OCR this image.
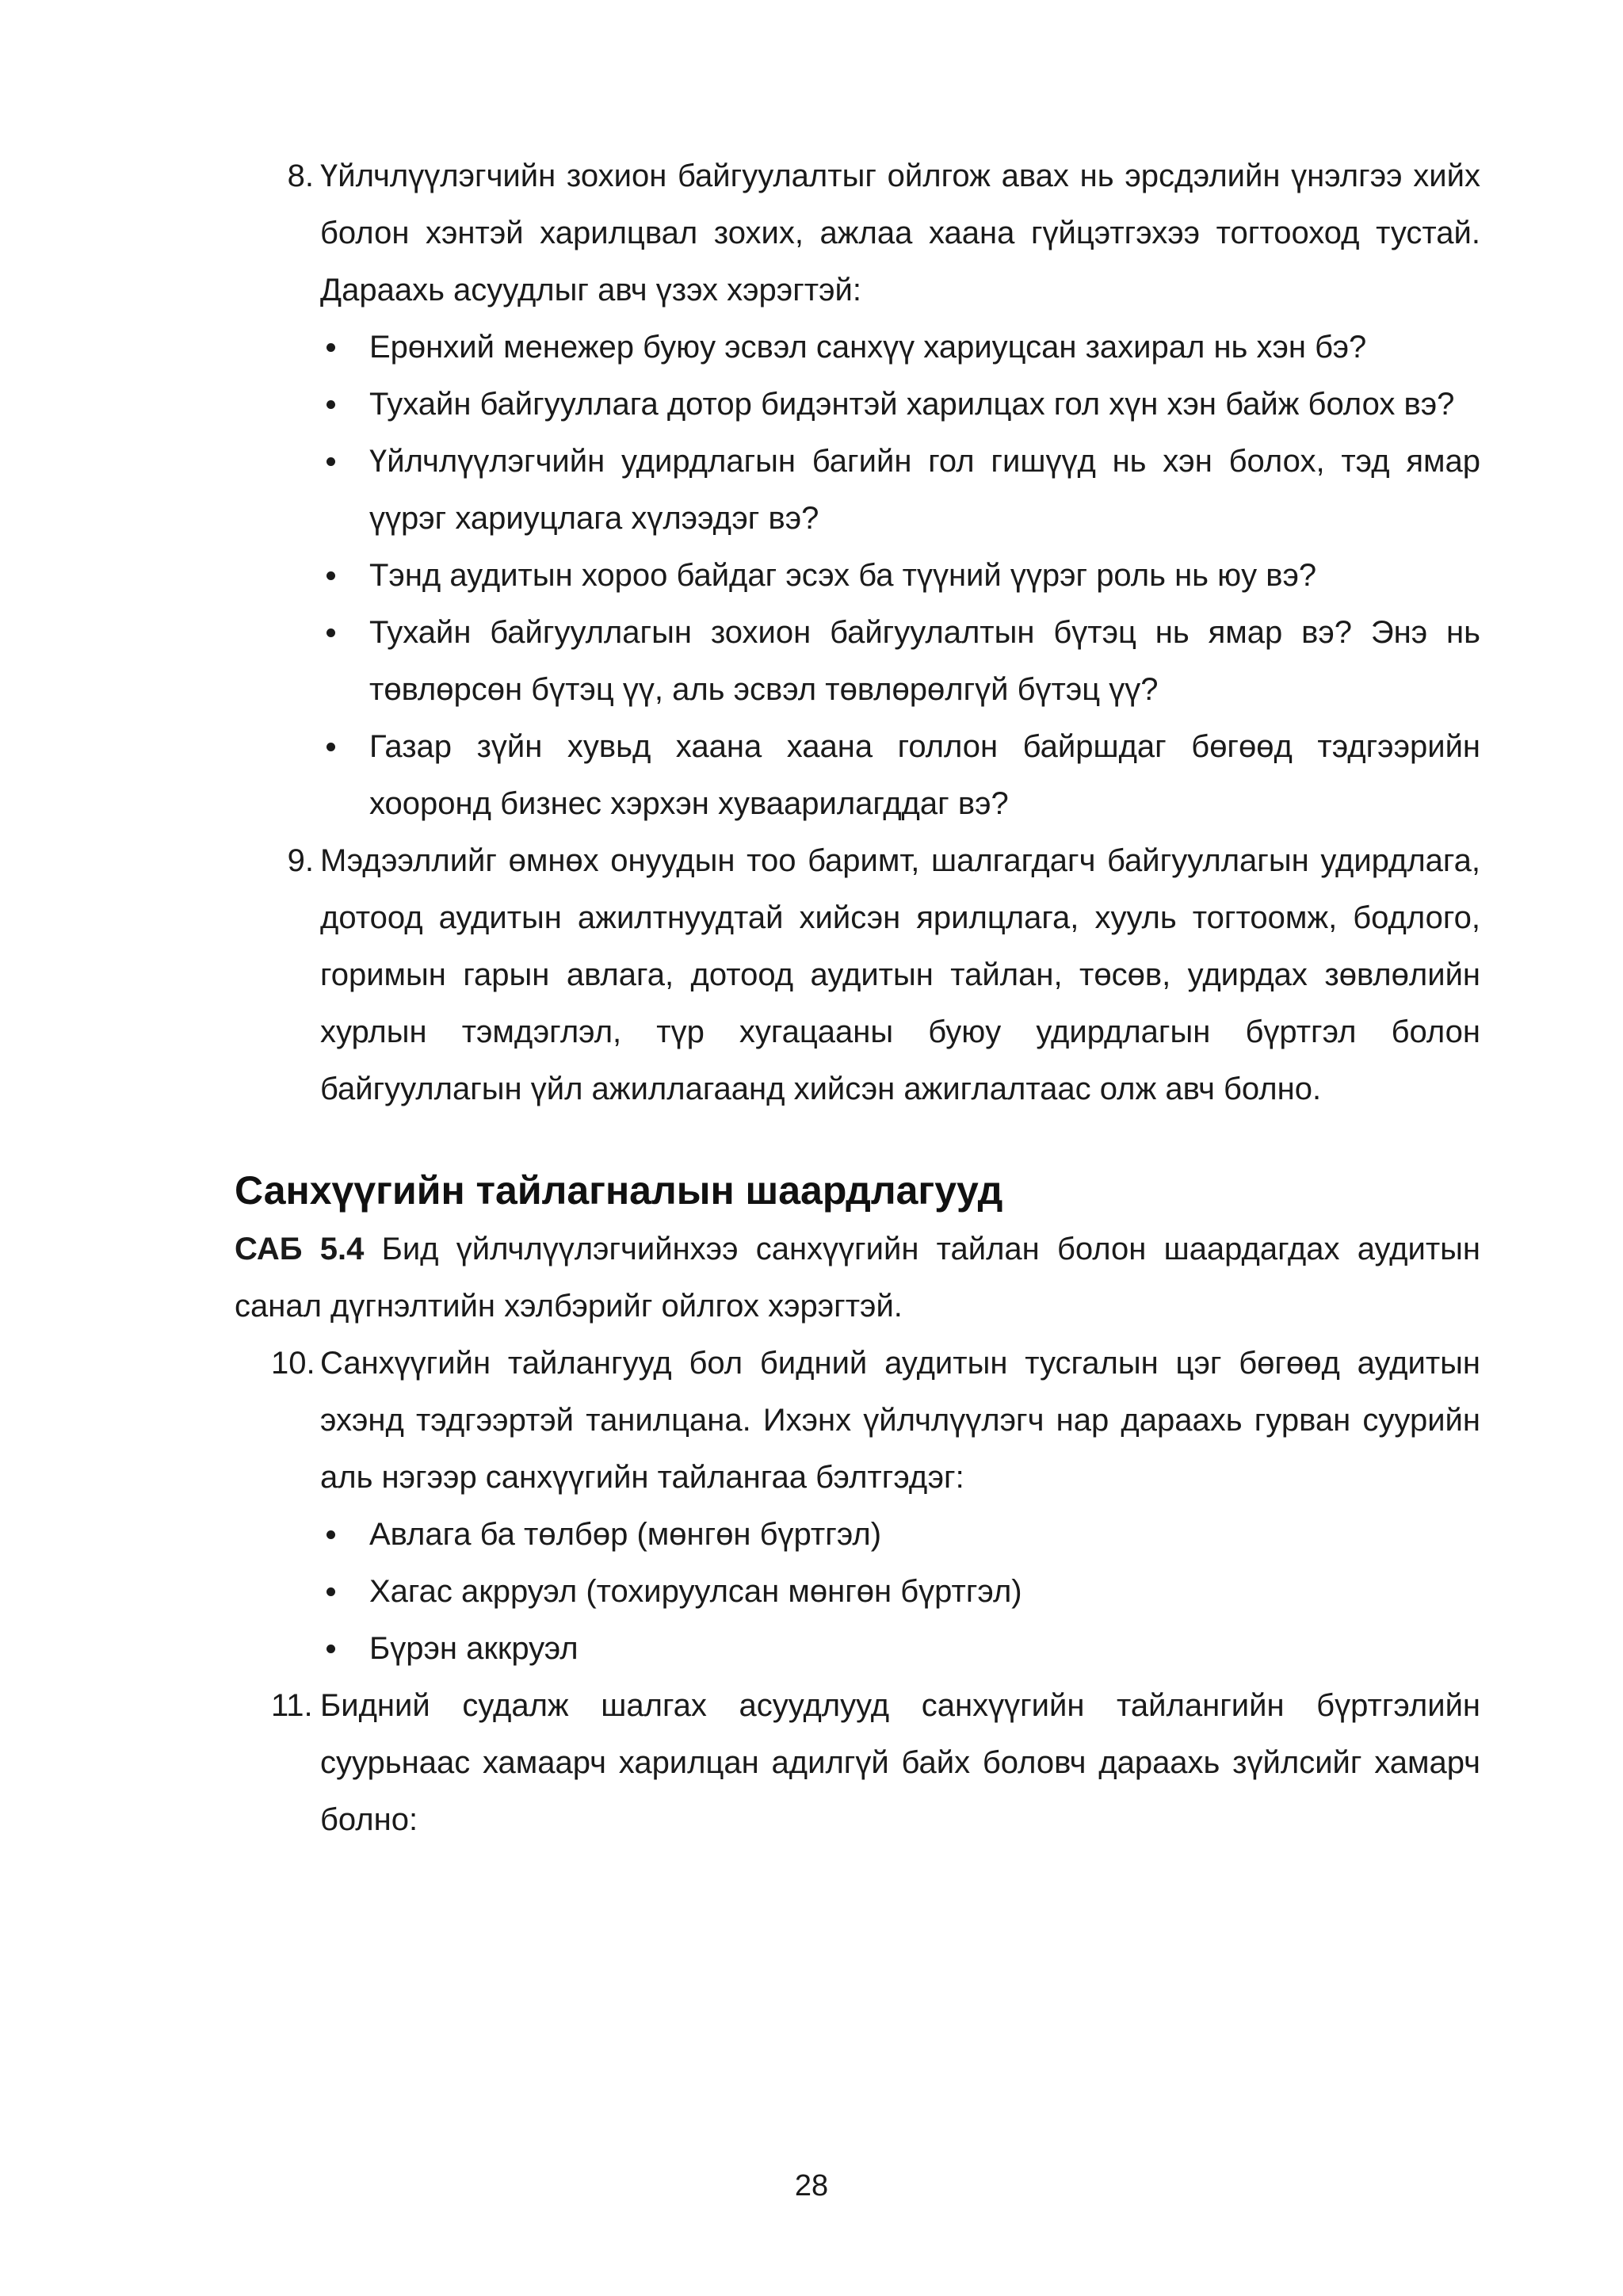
8. Үйлчлүүлэгчийн зохион байгуулалтыг ойлгож авах нь эрсдэлийн үнэлгээ хийх болон хэнтэй харилцвал зохих, ажлаа хаана гүйцэтгэхээ тогтооход тустай. Дараахь асуудлыг авч үзэх хэрэгтэй:

Ерөнхий менежер буюу эсвэл санхүү хариуцсан захирал нь хэн бэ?

Тухайн байгууллага дотор бидэнтэй харилцах гол хүн хэн байж болох вэ?

Үйлчлүүлэгчийн удирдлагын багийн гол гишүүд нь хэн болох, тэд ямар үүрэг хариуцлага хүлээдэг вэ?

Тэнд аудитын хороо байдаг эсэх ба түүний үүрэг роль нь юу вэ?

Тухайн байгууллагын зохион байгуулалтын бүтэц нь ямар вэ? Энэ нь төвлөрсөн бүтэц үү, аль эсвэл төвлөрөлгүй бүтэц үү?

Газар зүйн хувьд хаана хаана голлон байршдаг бөгөөд тэдгээрийн хооронд бизнес хэрхэн хуваарилагддаг вэ?

9. Мэдээллийг өмнөх онуудын тоо баримт, шалгагдагч байгууллагын удирдлага, дотоод аудитын ажилтнуудтай хийсэн ярилцлага, хууль тогтоомж, бодлого, горимын гарын авлага, дотоод аудитын тайлан, төсөв, удирдах зөвлөлийн хурлын тэмдэглэл, түр хугацааны буюу удирдлагын бүртгэл болон байгууллагын үйл ажиллагаанд хийсэн ажиглалтаас олж авч болно.

Санхүүгийн тайлагналын шаардлагууд

САБ 5.4 Бид үйлчлүүлэгчийнхээ санхүүгийн тайлан болон шаардагдах аудитын санал дүгнэлтийн хэлбэрийг ойлгох хэрэгтэй.

10. Санхүүгийн тайлангууд бол бидний аудитын тусгалын цэг бөгөөд аудитын эхэнд тэдгээртэй танилцана. Ихэнх үйлчлүүлэгч нар дараахь гурван суурийн аль нэгээр санхүүгийн тайлангаа бэлтгэдэг:

Авлага ба төлбөр (мөнгөн бүртгэл)

Хагас акрруэл (тохируулсан мөнгөн бүртгэл)

Бүрэн аккруэл

11. Бидний судалж шалгах асуудлууд санхүүгийн тайлангийн бүртгэлийн суурьнаас хамаарч харилцан адилгүй байх боловч дараахь зүйлсийг хамарч болно:

28
